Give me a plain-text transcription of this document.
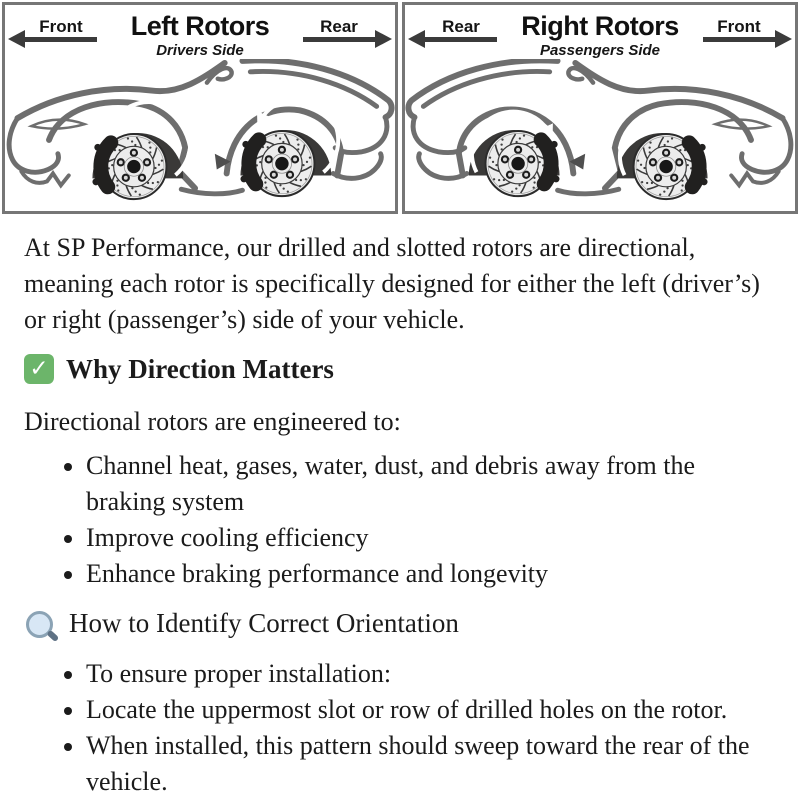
Front	Left Rotors
Drivers Side
Rear
Rotation	Rotation
Rear	Right Rotors
Passengers Side
Front
Rotation
Rotation

At SP Performance, our drilled and slotted rotors are directional, meaning each rotor is specifically designed for either the left (driver’s) or right (passenger’s) side of your vehicle.

✓
Why Direction Matters

Directional rotors are engineered to:

• Channel heat, gases, water, dust, and debris away from the braking system
• Improve cooling efficiency
• Enhance braking performance and longevity
How to Identify Correct Orientation
• To ensure proper installation:
• Locate the uppermost slot or row of drilled holes on the rotor.
• When installed, this pattern should sweep toward the rear of the vehicle.
